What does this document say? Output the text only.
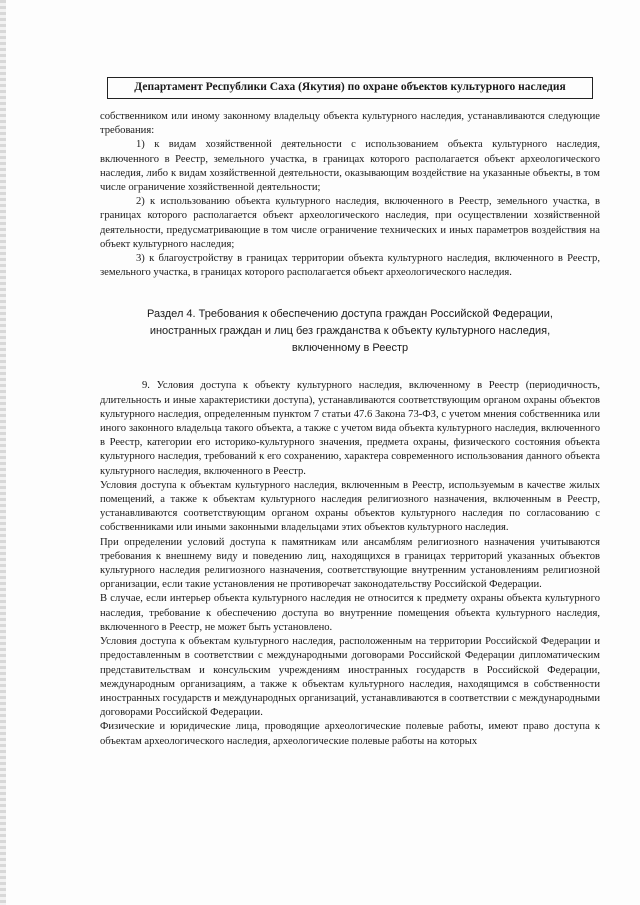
Департамент Республики Саха (Якутия) по охране объектов культурного наследия

собственником или иному законному владельцу объекта культурного наследия, устанавливаются следующие требования:

1) к видам хозяйственной деятельности с использованием объекта культурного наследия, включенного в Реестр, земельного участка, в границах которого располагается объект археологического наследия, либо к видам хозяйственной деятельности, оказывающим воздействие на указанные объекты, в том числе ограничение хозяйственной деятельности;

2) к использованию объекта культурного наследия, включенного в Реестр, земельного участка, в границах которого располагается объект археологического наследия, при осуществлении хозяйственной деятельности, предусматривающие в том числе ограничение технических и иных параметров воздействия на объект культурного наследия;

3) к благоустройству в границах территории объекта культурного наследия, включенного в Реестр, земельного участка, в границах которого располагается объект археологического наследия.

Раздел 4. Требования к обеспечению доступа граждан Российской Федерации,
иностранных граждан и лиц без гражданства к объекту культурного наследия,
включенному в Реестр

9. Условия доступа к объекту культурного наследия, включенному в Реестр (периодичность, длительность и иные характеристики доступа), устанавливаются соответствующим органом охраны объектов культурного наследия, определенным пунктом 7 статьи 47.6 Закона 73-ФЗ, с учетом мнения собственника или иного законного владельца такого объекта, а также с учетом вида объекта культурного наследия, включенного в Реестр, категории его историко-культурного значения, предмета охраны, физического состояния объекта культурного наследия, требований к его сохранению, характера современного использования данного объекта культурного наследия, включенного в Реестр.

Условия доступа к объектам культурного наследия, включенным в Реестр, используемым в качестве жилых помещений, а также к объектам культурного наследия религиозного назначения, включенным в Реестр, устанавливаются соответствующим органом охраны объектов культурного наследия по согласованию с собственниками или иными законными владельцами этих объектов культурного наследия.

При определении условий доступа к памятникам или ансамблям религиозного назначения учитываются требования к внешнему виду и поведению лиц, находящихся в границах территорий указанных объектов культурного наследия религиозного назначения, соответствующие внутренним установлениям религиозной организации, если такие установления не противоречат законодательству Российской Федерации.

В случае, если интерьер объекта культурного наследия не относится к предмету охраны объекта культурного наследия, требование к обеспечению доступа во внутренние помещения объекта культурного наследия, включенного в Реестр, не может быть установлено.

Условия доступа к объектам культурного наследия, расположенным на территории Российской Федерации и предоставленным в соответствии с международными договорами Российской Федерации дипломатическим представительствам и консульским учреждениям иностранных государств в Российской Федерации, международным организациям, а также к объектам культурного наследия, находящимся в собственности иностранных государств и международных организаций, устанавливаются в соответствии с международными договорами Российской Федерации.

Физические и юридические лица, проводящие археологические полевые работы, имеют право доступа к объектам археологического наследия, археологические полевые работы на которых
